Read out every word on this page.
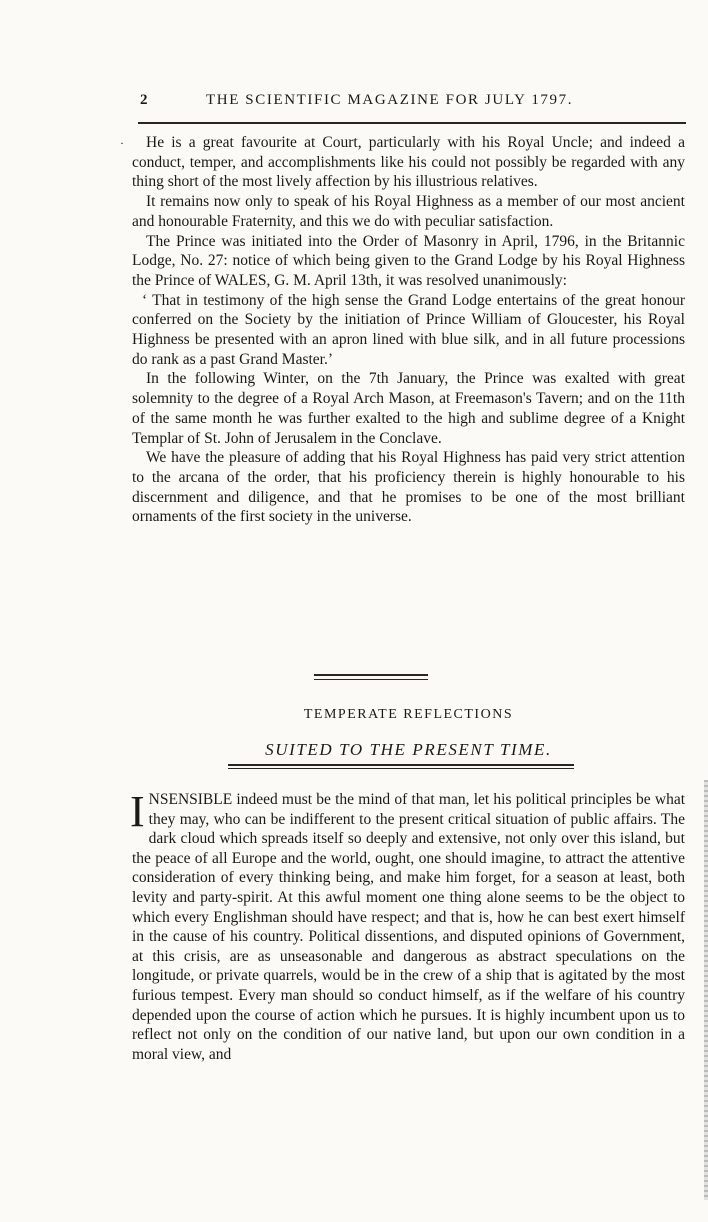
2	THE SCIENTIFIC MAGAZINE FOR JULY 1797.
·	He is a great favourite at Court, particularly with his Royal Uncle; and indeed a conduct, temper, and accomplishments like his could not possibly be regarded with any thing short of the most lively affection by his illustrious relatives.

It remains now only to speak of his Royal Highness as a member of our most ancient and honourable Fraternity, and this we do with peculiar satisfaction.

The Prince was initiated into the Order of Masonry in April, 1796, in the Britannic Lodge, No. 27: notice of which being given to the Grand Lodge by his Royal Highness the Prince of WALES, G. M. April 13th, it was resolved unanimously:

‘ That in testimony of the high sense the Grand Lodge entertains of the great honour conferred on the Society by the initiation of Prince William of Gloucester, his Royal Highness be presented with an apron lined with blue silk, and in all future processions do rank as a past Grand Master.’

In the following Winter, on the 7th January, the Prince was exalted with great solemnity to the degree of a Royal Arch Mason, at Freemason's Tavern; and on the 11th of the same month he was further exalted to the high and sublime degree of a Knight Templar of St. John of Jerusalem in the Conclave.

We have the pleasure of adding that his Royal Highness has paid very strict attention to the arcana of the order, that his proficiency therein is highly honourable to his discernment and diligence, and that he promises to be one of the most brilliant ornaments of the first society in the universe.

TEMPERATE REFLECTIONS
SUITED TO THE PRESENT TIME.

INSENSIBLE indeed must be the mind of that man, let his political principles be what they may, who can be indifferent to the present critical situation of public affairs. The dark cloud which spreads itself so deeply and extensive, not only over this island, but the peace of all Europe and the world, ought, one should imagine, to attract the attentive consideration of every thinking being, and make him forget, for a season at least, both levity and party-spirit. At this awful moment one thing alone seems to be the object to which every Englishman should have respect; and that is, how he can best exert himself in the cause of his country. Political dissentions, and disputed opinions of Government, at this crisis, are as unseasonable and dangerous as abstract speculations on the longitude, or private quarrels, would be in the crew of a ship that is agitated by the most furious tempest. Every man should so conduct himself, as if the welfare of his country depended upon the course of action which he pursues. It is highly incumbent upon us to reflect not only on the condition of our native land, but upon our own condition in a moral view, and
